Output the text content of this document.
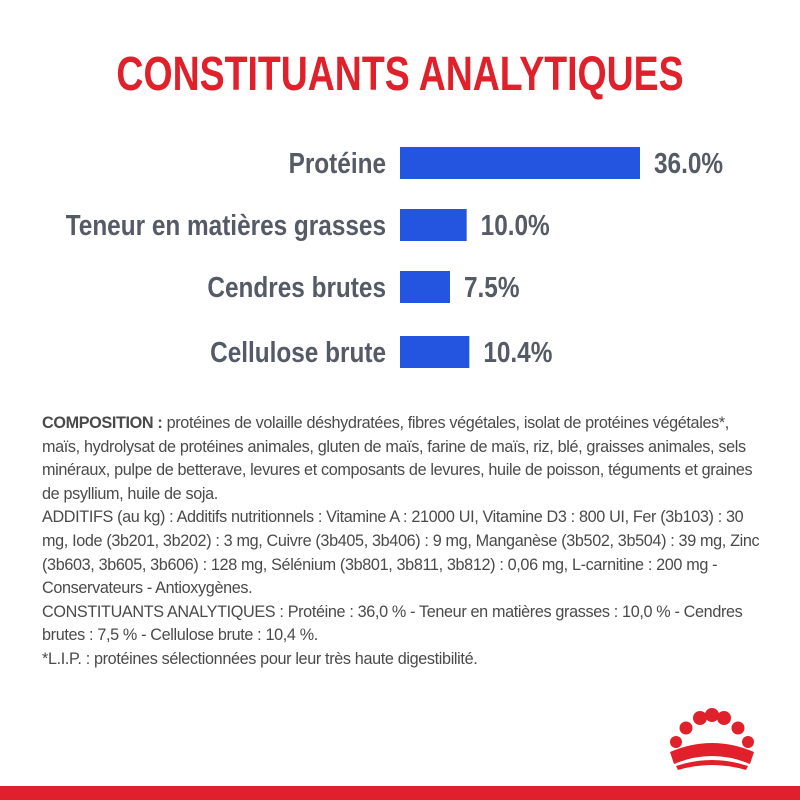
CONSTITUANTS ANALYTIQUES
Protéine	36.0%
Teneur en matières grasses	10.0%
Cendres brutes	7.5%
Cellulose brute	10.4%

COMPOSITION : protéines de volaille déshydratées, fibres végétales, isolat de protéines végétales*, maïs, hydrolysat de protéines animales, gluten de maïs, farine de maïs, riz, blé, graisses animales, sels minéraux, pulpe de betterave, levures et composants de levures, huile de poisson, téguments et graines de psyllium, huile de soja.

ADDITIFS (au kg) : Additifs nutritionnels : Vitamine A : 21000 UI, Vitamine D3 : 800 UI, Fer (3b103) : 30 mg, Iode (3b201, 3b202) : 3 mg, Cuivre (3b405, 3b406) : 9 mg, Manganèse (3b502, 3b504) : 39 mg, Zinc (3b603, 3b605, 3b606) : 128 mg, Sélénium (3b801, 3b811, 3b812) : 0,06 mg, L-carnitine : 200 mg - Conservateurs - Antioxygènes.

CONSTITUANTS ANALYTIQUES : Protéine : 36,0 % - Teneur en matières grasses : 10,0 % - Cendres brutes : 7,5 % - Cellulose brute : 10,4 %.

*L.I.P. : protéines sélectionnées pour leur très haute digestibilité.
